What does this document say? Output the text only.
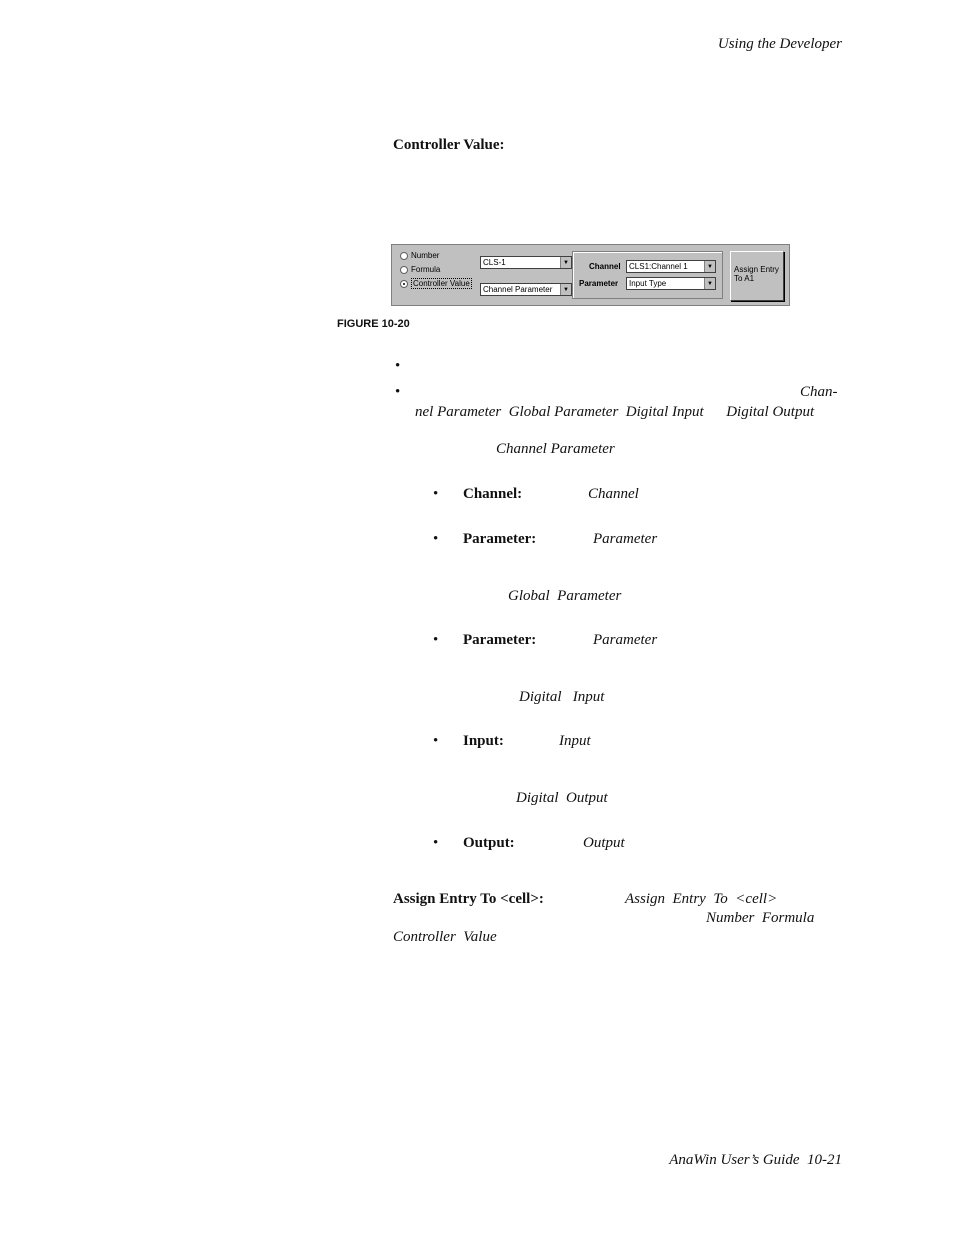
Using the Developer
Controller Value:
Number
Formula
Controller Value
CLS-1	▼
Channel Parameter	▼
Channel CLS1:Channel 1	▼
Parameter Input Type	▼
Assign Entry
To A1
FIGURE 10-20
•
•	Chan-
nel Parameter  Global Parameter  Digital Input      Digital Output
Channel Parameter
• Channel:	Channel
• Parameter:	Parameter
Global  Parameter
• Parameter:	Parameter
Digital   Input
• Input:	Input
Digital  Output
• Output:	Output
Assign Entry To <cell>:	Assign  Entry  To  <cell>
Number  Formula
Controller  Value
AnaWin User’s Guide  10-21
